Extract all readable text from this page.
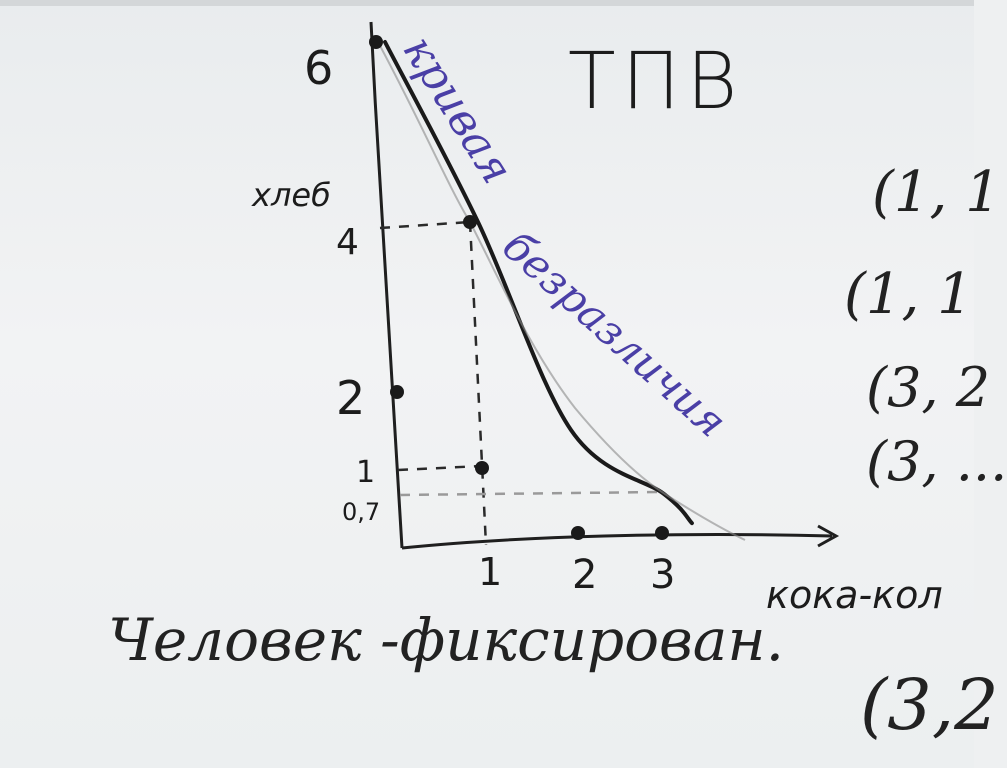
6
4
2
1
0,7
1 2 3
хлеб
кока-кол
кривая
безразличия
ТПВ
(1, 1
(1, 1
(3, 2
(3, ...
(3,2
Человек -фиксирован.
